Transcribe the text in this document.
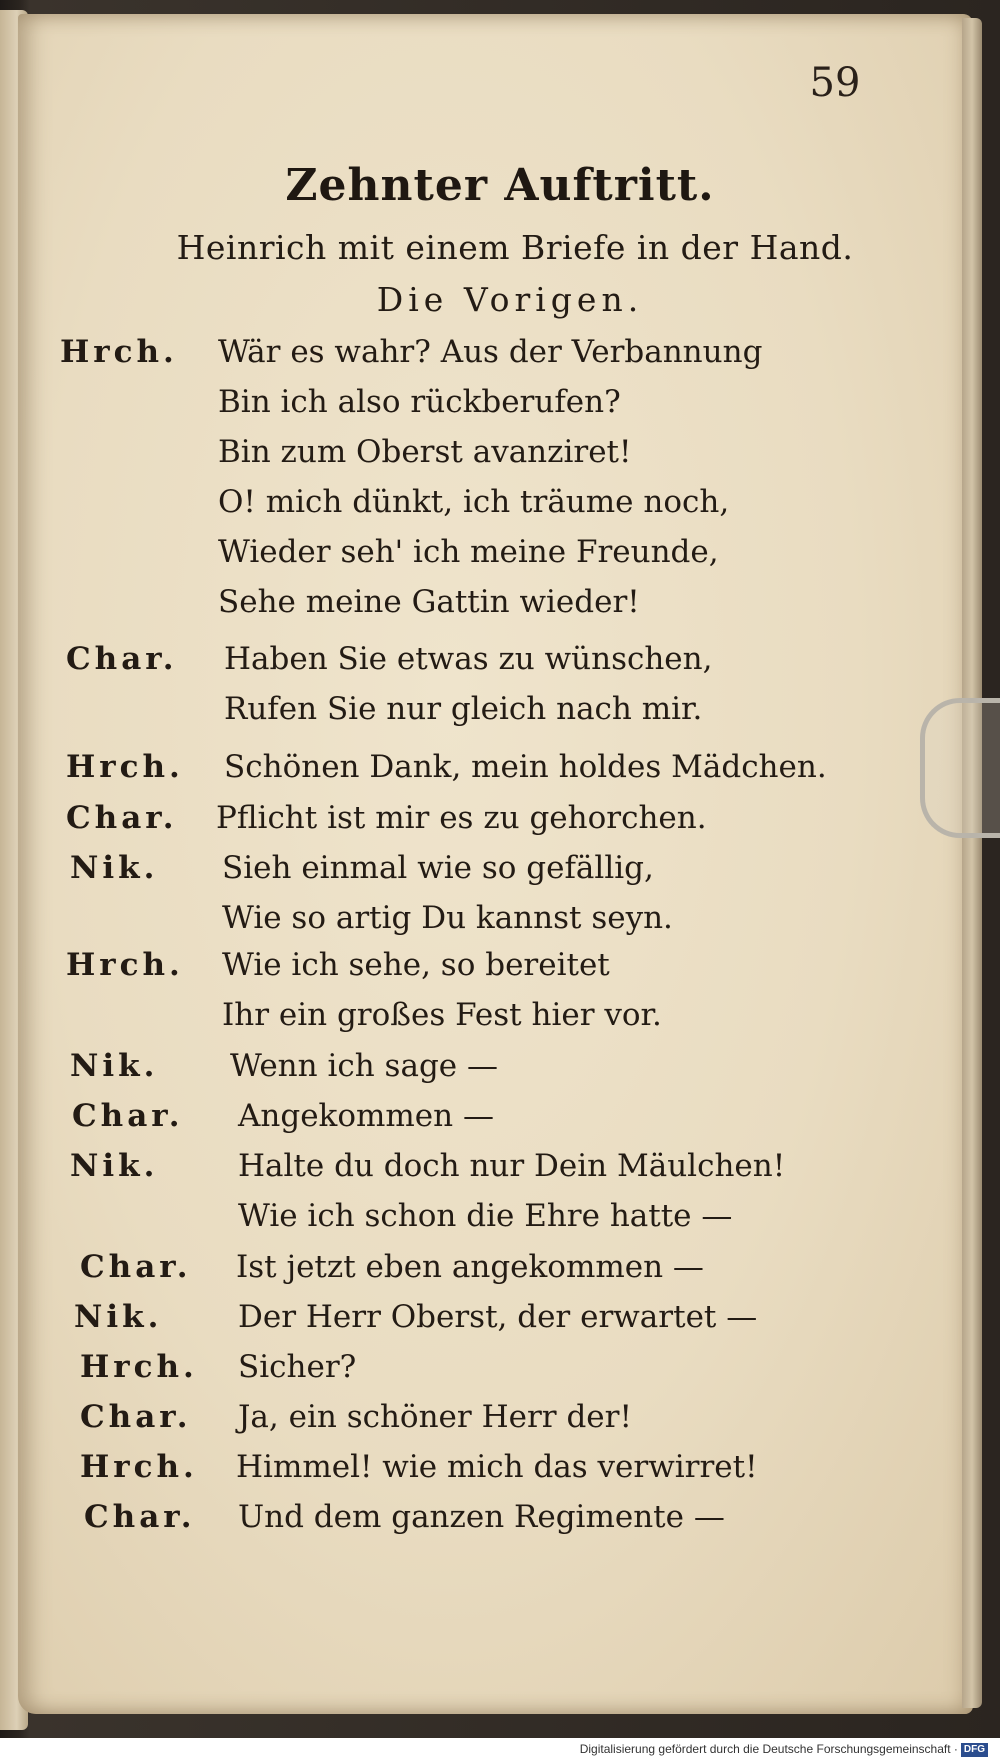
59
Zehnter Auftritt.
Heinrich mit einem Briefe in der Hand.
Die Vorigen.
Hrch. Wär es wahr? Aus der Verbannung
Bin ich also rückberufen?
Bin zum Oberst avanziret!
O! mich dünkt, ich träume noch,
Wieder seh' ich meine Freunde,
Sehe meine Gattin wieder!
Char. Haben Sie etwas zu wünschen,
Rufen Sie nur gleich nach mir.
Hrch. Schönen Dank, mein holdes Mädchen.
Char. Pflicht ist mir es zu gehorchen.
Nik. Sieh einmal wie so gefällig,
Wie so artig Du kannst seyn.
Hrch. Wie ich sehe, so bereitet
Ihr ein großes Fest hier vor.
Nik. Wenn ich sage —
Char. Angekommen —
Nik.	Halte du doch nur Dein Mäulchen!
Wie ich schon die Ehre hatte —
Char. Ist jetzt eben angekommen —
Nik. Der Herr Oberst, der erwartet —
Hrch. Sicher?
Char. Ja, ein schöner Herr der!
Hrch. Himmel! wie mich das verwirret!
Char. Und dem ganzen Regimente —
Digitalisierung gefördert durch die Deutsche Forschungsgemeinschaft · DFG
